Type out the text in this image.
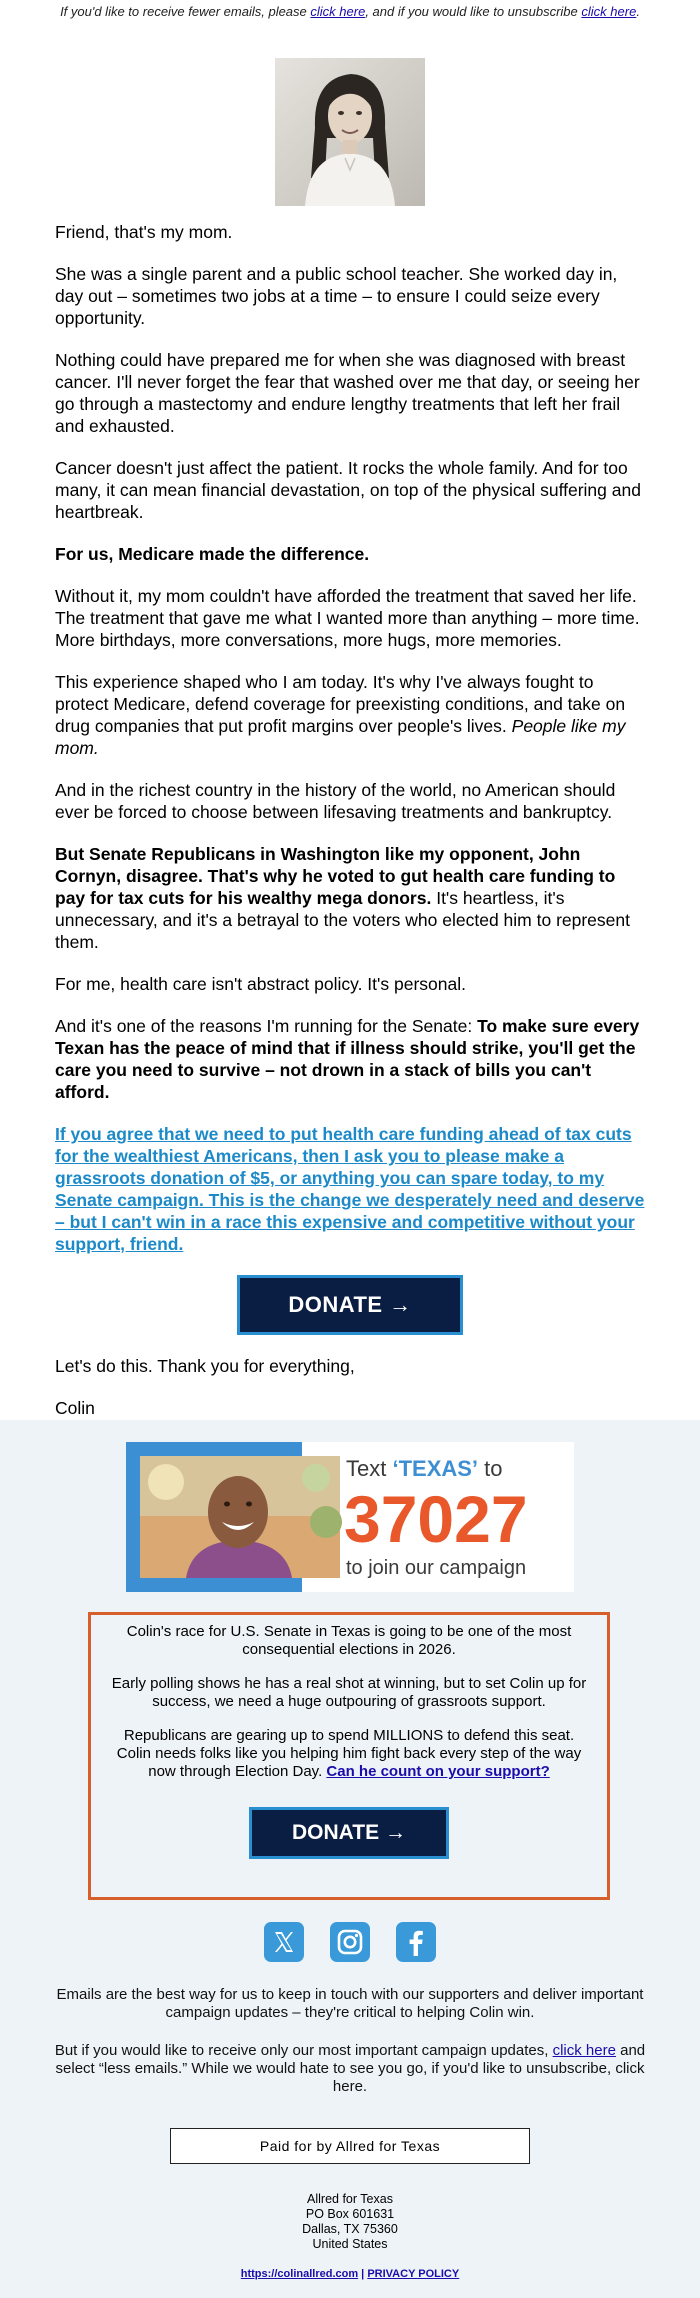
If you'd like to receive fewer emails, please click here, and if you would like to unsubscribe click here.

Friend, that's my mom.

She was a single parent and a public school teacher. She worked day in, day out – sometimes two jobs at a time – to ensure I could seize every opportunity.

Nothing could have prepared me for when she was diagnosed with breast cancer. I'll never forget the fear that washed over me that day, or seeing her go through a mastectomy and endure lengthy treatments that left her frail and exhausted.

Cancer doesn't just affect the patient. It rocks the whole family. And for too many, it can mean financial devastation, on top of the physical suffering and heartbreak.

For us, Medicare made the difference.

Without it, my mom couldn't have afforded the treatment that saved her life. The treatment that gave me what I wanted more than anything – more time. More birthdays, more conversations, more hugs, more memories.

This experience shaped who I am today. It's why I've always fought to protect Medicare, defend coverage for preexisting conditions, and take on drug companies that put profit margins over people's lives. People like my mom.

And in the richest country in the history of the world, no American should ever be forced to choose between lifesaving treatments and bankruptcy.

But Senate Republicans in Washington like my opponent, John Cornyn, disagree. That's why he voted to gut health care funding to pay for tax cuts for his wealthy mega donors. It's heartless, it's unnecessary, and it's a betrayal to the voters who elected him to represent them.

For me, health care isn't abstract policy. It's personal.

And it's one of the reasons I'm running for the Senate: To make sure every Texan has the peace of mind that if illness should strike, you'll get the care you need to survive – not drown in a stack of bills you can't afford.

If you agree that we need to put health care funding ahead of tax cuts for the wealthiest Americans, then I ask you to please make a grassroots donation of $5, or anything you can spare today, to my Senate campaign. This is the change we desperately need and deserve – but I can't win in a race this expensive and competitive without your support, friend.
DONATE →

Let's do this. Thank you for everything,

Colin

Text ‘TEXAS’ to
37027
to join our campaign

Colin's race for U.S. Senate in Texas is going to be one of the most consequential elections in 2026.

Early polling shows he has a real shot at winning, but to set Colin up for success, we need a huge outpouring of grassroots support.

Republicans are gearing up to spend MILLIONS to defend this seat. Colin needs folks like you helping him fight back every step of the way now through Election Day. Can he count on your support?

DONATE →

Emails are the best way for us to keep in touch with our supporters and deliver important campaign updates – they're critical to helping Colin win.
But if you would like to receive only our most important campaign updates, click here and select “less emails.” While we would hate to see you go, if you'd like to unsubscribe, click here.
Paid for by Allred for Texas
Allred for Texas
PO Box 601631
Dallas, TX 75360
United States
https://colinallred.com | PRIVACY POLICY
